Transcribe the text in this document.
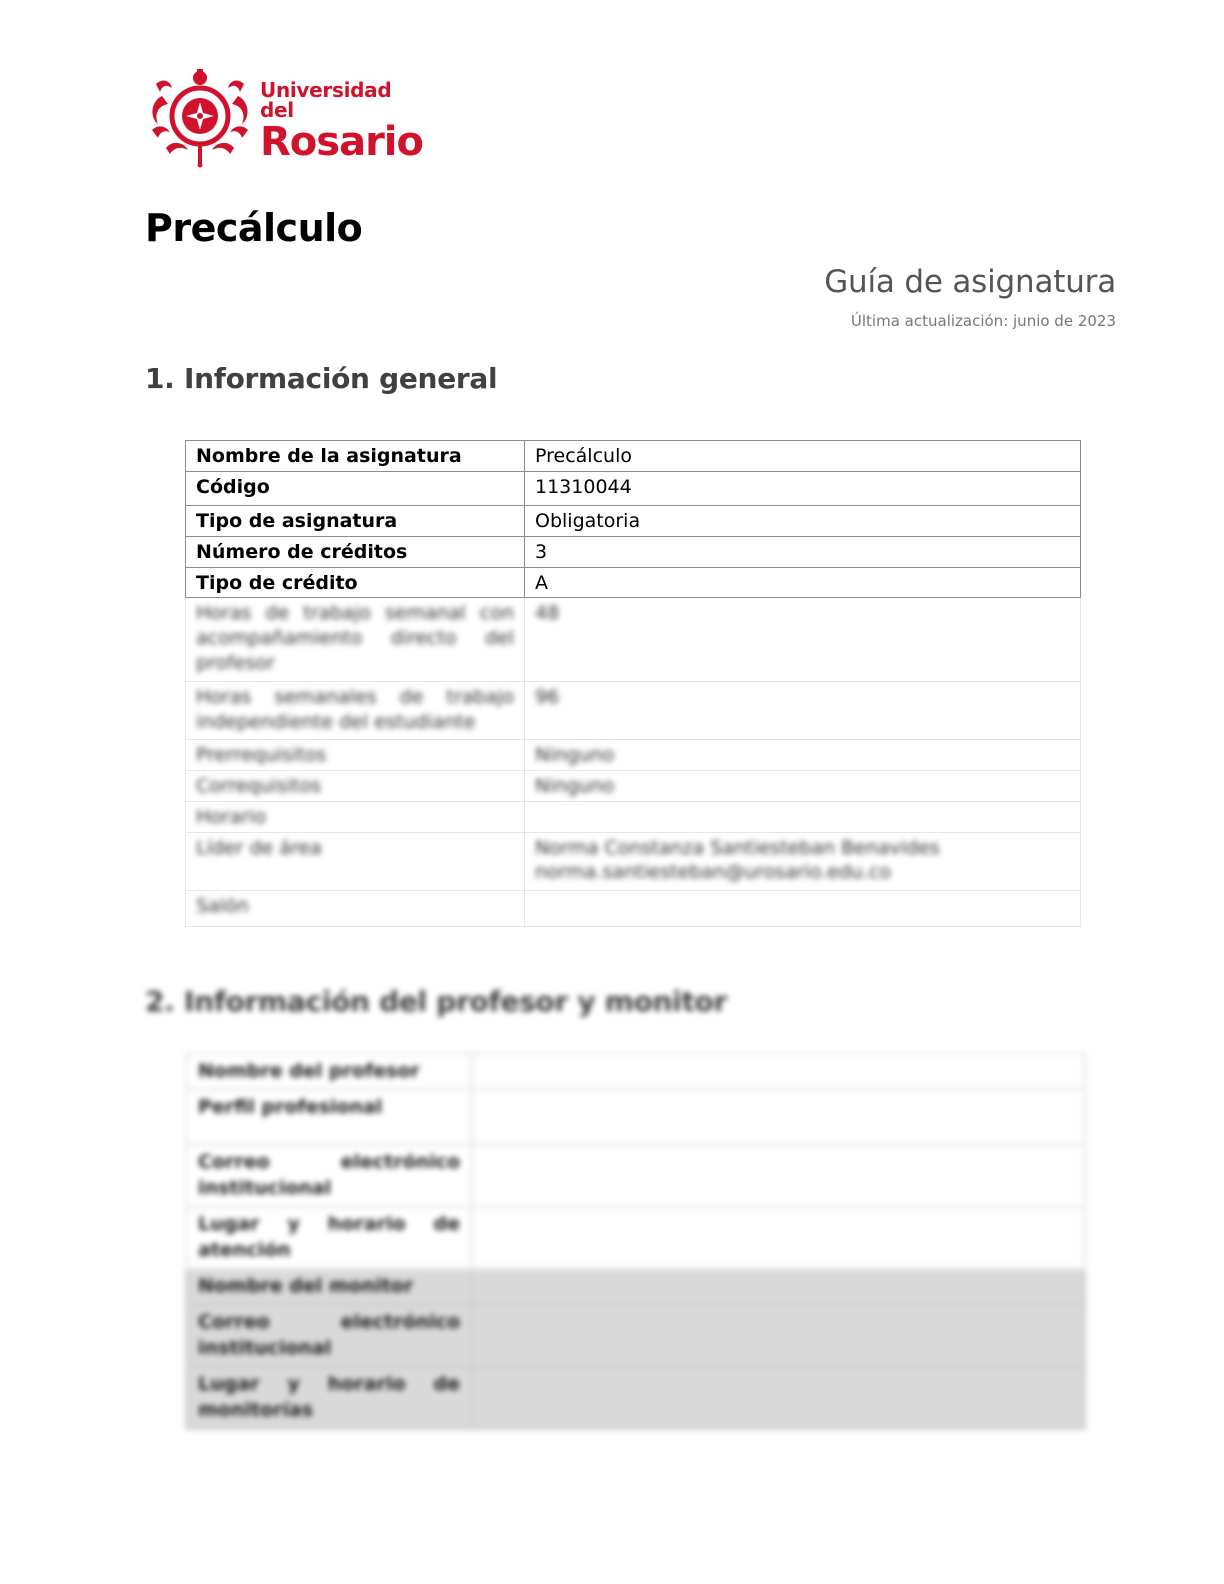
Universidad del
Rosario
Precálculo
Guía de asignatura
Última actualización: junio de 2023
1. Información general
Nombre de la asignatura	Precálculo
Código	11310044
Tipo de asignatura	Obligatoria
Número de créditos	3
Tipo de crédito	A
Horas de trabajo semanal con acompañamiento directo del profesor	48
Horas semanales de trabajo independiente del estudiante	96
Prerrequisitos	Ninguno
Correquisitos	Ninguno
Horario	
Líder de área	Norma Constanza Santiesteban Benavides
norma.santiesteban@urosario.edu.co
Salón	
2. Información del profesor y monitor
Nombre del profesor	
Perfil profesional	
Correo electrónico institucional	
Lugar y horario de atención	
Nombre del monitor	
Correo electrónico institucional	
Lugar y horario de monitorías	
